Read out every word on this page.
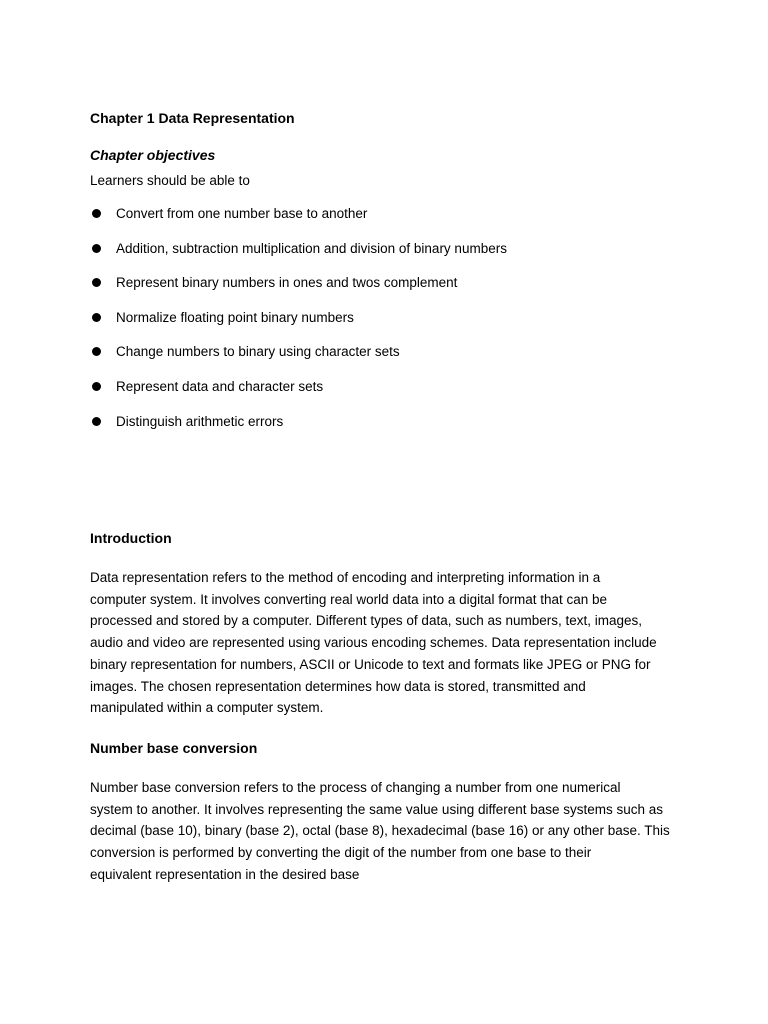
Chapter 1 Data Representation
Chapter objectives
Learners should be able to
Convert from one number base to another
Addition, subtraction multiplication and division of binary numbers
Represent binary numbers in ones and twos complement
Normalize floating point binary numbers
Change numbers to binary using character sets
Represent data and character sets
Distinguish arithmetic errors
Introduction
Data representation refers to the method of encoding and interpreting information in a
computer system. It involves converting real world data into a digital format that can be
processed and stored by a computer. Different types of data, such as numbers, text, images,
audio and video are represented using various encoding schemes. Data representation include
binary representation for numbers, ASCII or Unicode to text and formats like JPEG or PNG for
images. The chosen representation determines how data is stored, transmitted and
manipulated within a computer system.
Number base conversion
Number base conversion refers to the process of changing a number from one numerical
system to another. It involves representing the same value using different base systems such as
decimal (base 10), binary (base 2), octal (base 8), hexadecimal (base 16) or any other base. This
conversion is performed by converting the digit of the number from one base to their
equivalent representation in the desired base
